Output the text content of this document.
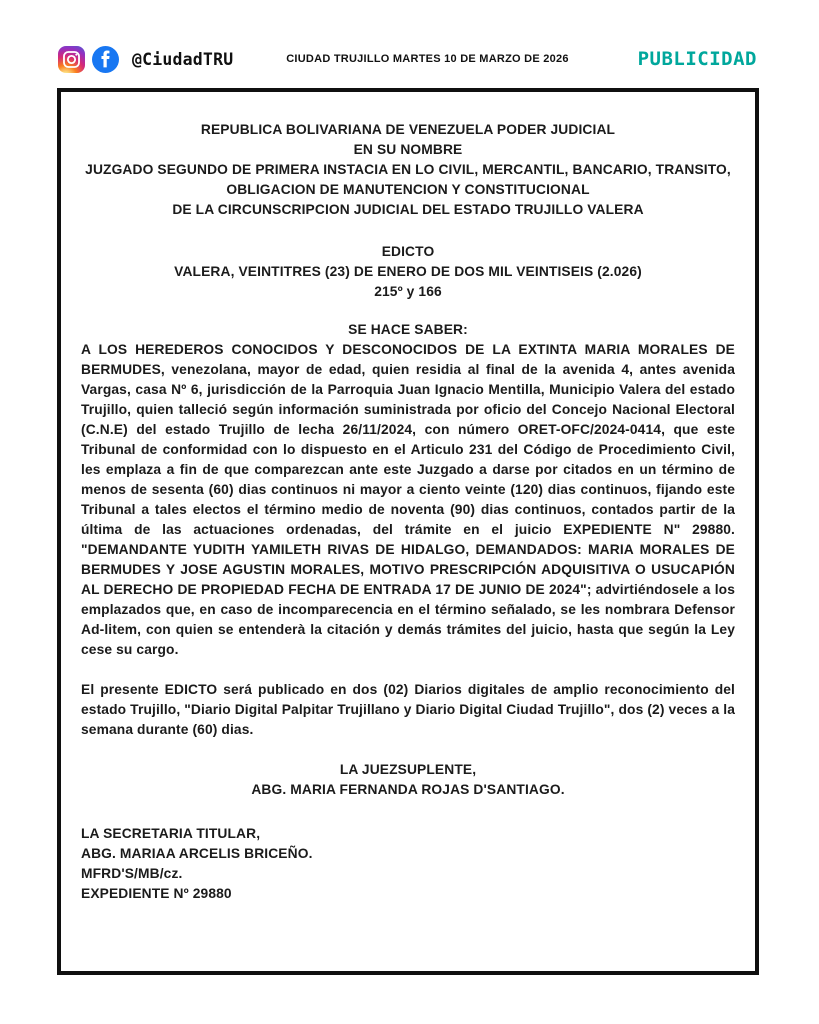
@CiudadTRU	CIUDAD TRUJILLO MARTES 10 DE MARZO DE 2026	PUBLICIDAD
REPUBLICA BOLIVARIANA DE VENEZUELA PODER JUDICIAL
EN SU NOMBRE
JUZGADO SEGUNDO DE PRIMERA INSTACIA EN LO CIVIL, MERCANTIL, BANCARIO, TRANSITO,
OBLIGACION DE MANUTENCION Y CONSTITUCIONAL
DE LA CIRCUNSCRIPCION JUDICIAL DEL ESTADO TRUJILLO VALERA
EDICTO
VALERA, VEINTITRES (23) DE ENERO DE DOS MIL VEINTISEIS (2.026)
215º y 166
SE HACE SABER:

A LOS HEREDEROS CONOCIDOS Y DESCONOCIDOS DE LA EXTINTA MARIA MORALES DE BERMUDES, venezolana, mayor de edad, quien residia al final de la avenida 4, antes avenida Vargas, casa Nº 6, jurisdicción de la Parroquia Juan Ignacio Mentilla, Municipio Valera del estado Trujillo, quien talleció según información suministrada por oficio del Concejo Nacional Electoral (C.N.E) del estado Trujillo de lecha 26/11/2024, con número ORET-OFC/2024-0414, que este Tribunal de conformidad con lo dispuesto en el Articulo 231 del Código de Procedimiento Civil, les emplaza a fin de que comparezcan ante este Juzgado a darse por citados en un término de menos de sesenta (60) dias continuos ni mayor a ciento veinte (120) dias continuos, fijando este Tribunal a tales electos el término medio de noventa (90) dias continuos, contados partir de la última de las actuaciones ordenadas, del trámite en el juicio EXPEDIENTE N" 29880. "DEMANDANTE YUDITH YAMILETH RIVAS DE HIDALGO, DEMANDADOS: MARIA MORALES DE BERMUDES Y JOSE AGUSTIN MORALES, MOTIVO PRESCRIPCIÓN ADQUISITIVA O USUCAPIÓN AL DERECHO DE PROPIEDAD FECHA DE ENTRADA 17 DE JUNIO DE 2024"; advirtiéndosele a los emplazados que, en caso de incomparecencia en el término señalado, se les nombrara Defensor Ad-litem, con quien se entenderà la citación y demás trámites del juicio, hasta que según la Ley cese su cargo.

El presente EDICTO será publicado en dos (02) Diarios digitales de amplio reconocimiento del estado Trujillo, "Diario Digital Palpitar Trujillano y Diario Digital Ciudad Trujillo", dos (2) veces a la semana durante (60) dias.

LA JUEZSUPLENTE,
ABG. MARIA FERNANDA ROJAS D'SANTIAGO.
LA SECRETARIA TITULAR,
ABG. MARIAA ARCELIS BRICEÑO.
MFRD'S/MB/cz.
EXPEDIENTE Nº 29880
